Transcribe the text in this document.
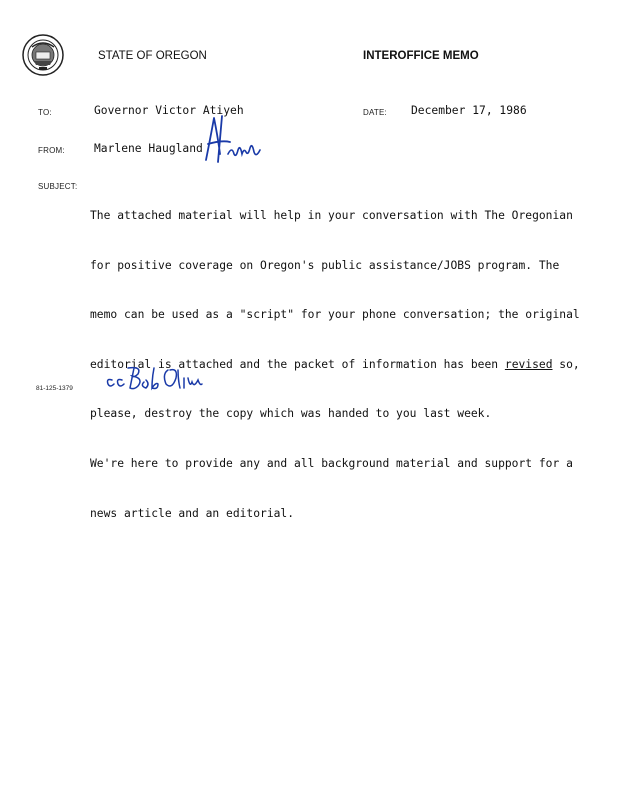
STATE OF OREGON	INTEROFFICE MEMO
TO:	Governor Victor Atiyeh	DATE: December 17, 1986
FROM:	Marlene Haugland
SUBJECT:

The attached material will help in your conversation with The Oregonian

for positive coverage on Oregon's public assistance/JOBS program. The

memo can be used as a "script" for your phone conversation; the original

editorial is attached and the packet of information has been revised so,

please, destroy the copy which was handed to you last week.

We're here to provide any and all background material and support for a

news article and an editorial.

81-125-1379
